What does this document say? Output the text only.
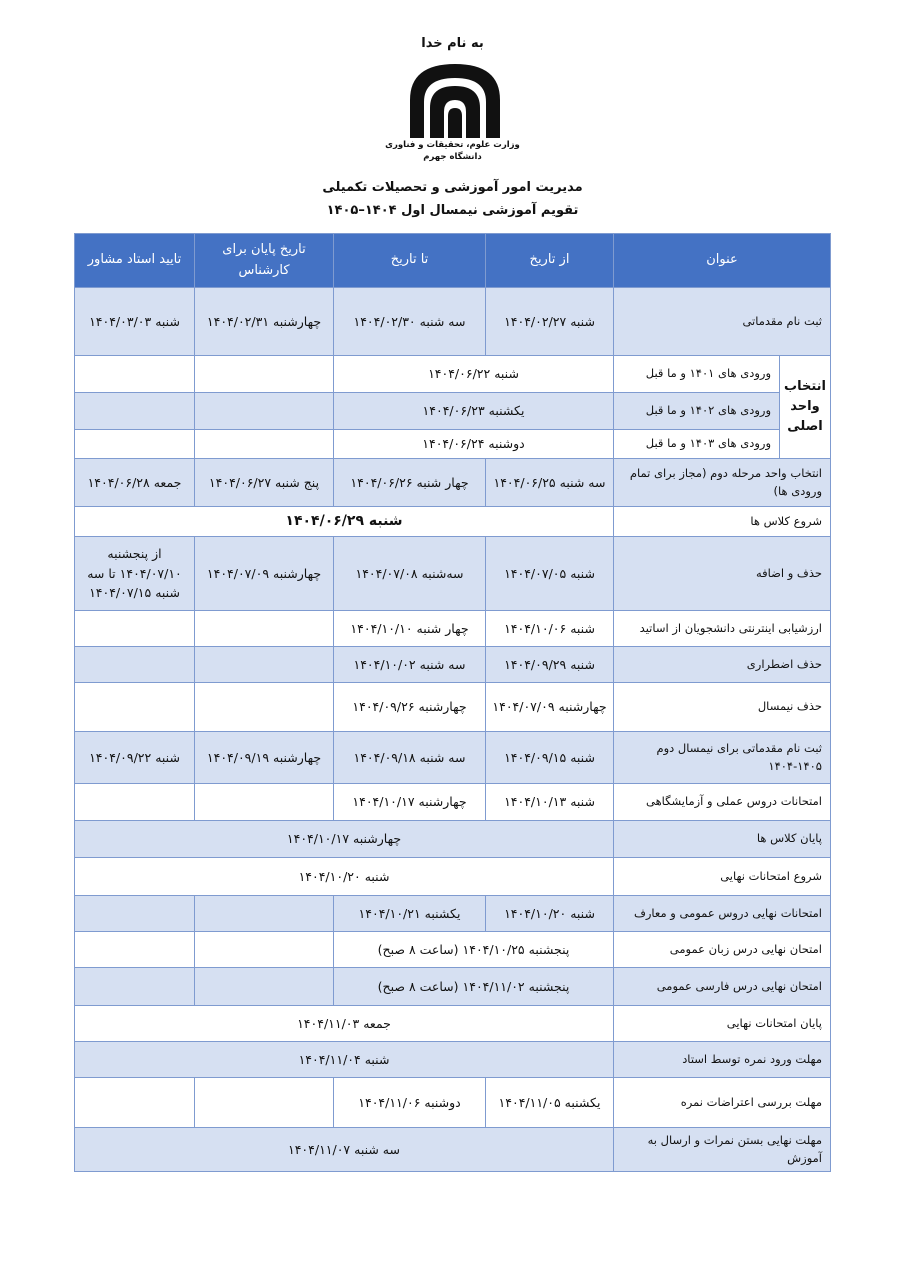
به نام خدا
وزارت علوم، تحقیقات و فناوری
دانشگاه جهرم
مدیریت امور آموزشی و تحصیلات تکمیلی
تقویم آموزشی نیمسال اول ۱۴۰۴–۱۴۰۵
تایید استاد مشاور	تاریخ پایان برای کارشناس	تا تاریخ	از تاریخ	عنوان	
شنبه ۱۴۰۴/۰۳/۰۳	چهارشنبه ۱۴۰۴/۰۲/۳۱	سه شنبه ۱۴۰۴/۰۲/۳۰	شنبه ۱۴۰۴/۰۲/۲۷	ثبت نام مقدماتی	
		شنبه ۱۴۰۴/۰۶/۲۲		ورودی های ۱۴۰۱ و ما قبل	انتخاب واحد اصلی
		یکشنبه ۱۴۰۴/۰۶/۲۳		ورودی های ۱۴۰۲ و ما قبل	
		دوشنبه ۱۴۰۴/۰۶/۲۴		ورودی های ۱۴۰۳ و ما قبل	
جمعه ۱۴۰۴/۰۶/۲۸	پنج شنبه ۱۴۰۴/۰۶/۲۷	چهار شنبه ۱۴۰۴/۰۶/۲۶	سه شنبه ۱۴۰۴/۰۶/۲۵	انتخاب واحد مرحله دوم (مجاز برای تمام ورودی ها)	
شنبه ۱۴۰۴/۰۶/۲۹				شروع کلاس ها	
از پنجشنبه ۱۴۰۴/۰۷/۱۰ تا سه شنبه ۱۴۰۴/۰۷/۱۵	چهارشنبه ۱۴۰۴/۰۷/۰۹	سه‌شنبه ۱۴۰۴/۰۷/۰۸	شنبه ۱۴۰۴/۰۷/۰۵	حذف و اضافه	
		چهار شنبه ۱۴۰۴/۱۰/۱۰	شنبه ۱۴۰۴/۱۰/۰۶	ارزشیابی اینترنتی دانشجویان از اساتید	
		سه شنبه ۱۴۰۴/۱۰/۰۲	شنبه ۱۴۰۴/۰۹/۲۹	حذف اضطراری	
		چهارشنبه ۱۴۰۴/۰۹/۲۶	چهارشنبه ۱۴۰۴/۰۷/۰۹	حذف نیمسال	
شنبه ۱۴۰۴/۰۹/۲۲	چهارشنبه ۱۴۰۴/۰۹/۱۹	سه شنبه ۱۴۰۴/۰۹/۱۸	شنبه ۱۴۰۴/۰۹/۱۵	ثبت نام مقدماتی برای نیمسال دوم ۱۴۰۵-۱۴۰۴	
		چهارشنبه ۱۴۰۴/۱۰/۱۷	شنبه ۱۴۰۴/۱۰/۱۳	امتحانات دروس عملی و آزمایشگاهی	
چهارشنبه ۱۴۰۴/۱۰/۱۷				پایان کلاس ها	
شنبه ۱۴۰۴/۱۰/۲۰				شروع امتحانات نهایی	
		یکشنبه ۱۴۰۴/۱۰/۲۱	شنبه ۱۴۰۴/۱۰/۲۰	امتحانات نهایی دروس عمومی و معارف	
		پنجشنبه ۱۴۰۴/۱۰/۲۵ (ساعت ۸ صبح)		امتحان نهایی درس زبان عمومی	
		پنجشنبه ۱۴۰۴/۱۱/۰۲ (ساعت ۸ صبح)		امتحان نهایی درس فارسی عمومی	
جمعه ۱۴۰۴/۱۱/۰۳				پایان امتحانات نهایی	
شنبه ۱۴۰۴/۱۱/۰۴				مهلت ورود نمره توسط استاد	
		دوشنبه ۱۴۰۴/۱۱/۰۶	یکشنبه ۱۴۰۴/۱۱/۰۵	مهلت بررسی اعتراضات نمره	
سه شنبه ۱۴۰۴/۱۱/۰۷				مهلت نهایی بستن نمرات و ارسال به آموزش	
